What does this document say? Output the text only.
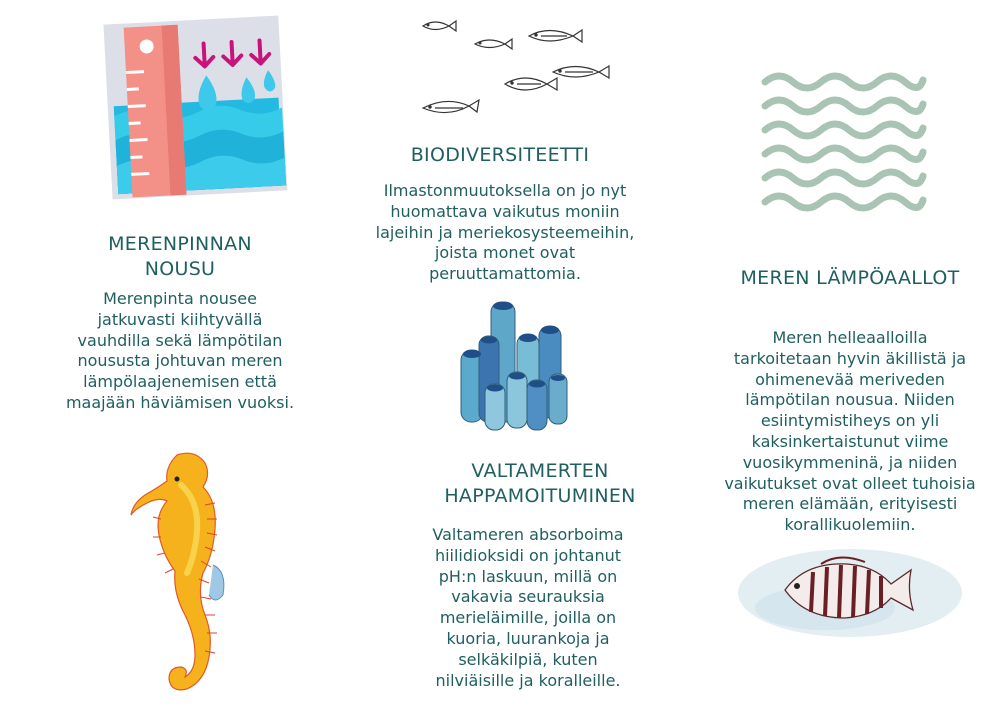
MERENPINNAN
NOUSU
Merenpinta nousee jatkuvasti kiihtyvällä vauhdilla sekä lämpötilan noususta johtuvan meren lämpölaajenemisen että maajään häviämisen vuoksi.
BIODIVERSITEETTI
Ilmastonmuutoksella on jo nyt huomattava vaikutus moniin lajeihin ja meriekosysteemeihin, joista monet ovat peruuttamattomia.
VALTAMERTEN
HAPPAMOITUMINEN
Valtameren absorboima hiilidioksidi on johtanut pH:n laskuun, millä on vakavia seurauksia merieläimille, joilla on kuoria, luurankoja ja selkäkilpiä, kuten nilviäisille ja koralleille.
MEREN LÄMPÖAALLOT
Meren helleaalloilla tarkoitetaan hyvin äkillistä ja ohimenevää meriveden lämpötilan nousua. Niiden esiintymistiheys on yli kaksinkertaistunut viime vuosikymmeninä, ja niiden vaikutukset ovat olleet tuhoisia meren elämään, erityisesti korallikuolemiin.
